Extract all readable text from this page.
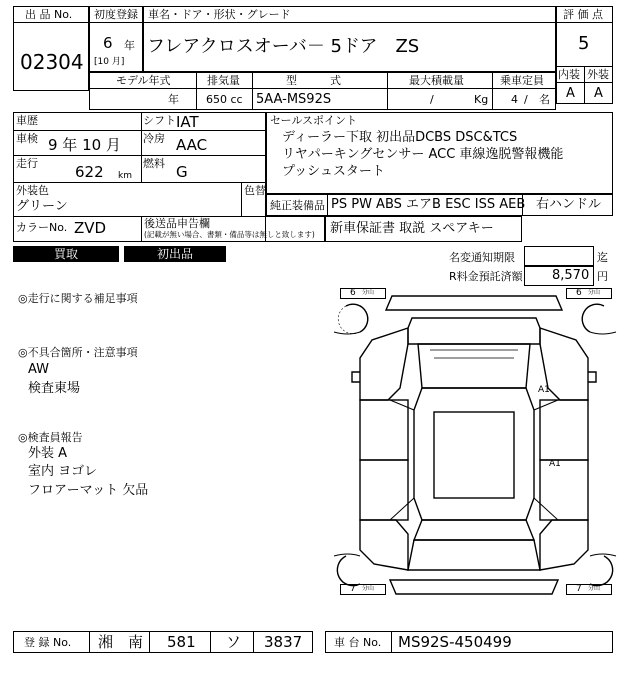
出 品 No.
02304
初度登録
6 年
[10 月]
車名・ドア・形状・グレード
フレアクロスオーバ－ 5ドア　ZS
評 価 点
5
内装 外装
A A
モデル年式
年
排気量
650 cc
型　　　式
5AA-MS92S
最大積載量
/	Kg
乗車定員
4 / 名
車歴	シフト IAT
車検 9 年 10 月 冷房 AAC
走行 622 km
燃料 G
外装色
グリーン
色替
カラーNo. ZVD	後送品申告欄
(記載が無い場合、書類・備品等は無しと致します)
セールスポイント
ディーラー下取 初出品DCBS DSC&TCS
リヤパーキングセンサー ACC 車線逸脱警報機能
プッシュスタート
純正装備品 PS PW ABS エアB ESC ISS AEB 右ハンドル
新車保証書 取説 スペアキー
買取	初出品	名変通知期限	迄
R料金預託済額 8,570 円
◎走行に関する補足事項
◎不具合箇所・注意事項
AW
検査東場
◎検査員報告
外装 A
室内 ヨゴレ
フロアーマット 欠品
6 分山	6 分山
7 分山	7 分山
A1
A1
登 録 No. 湘　南 581 ソ 3837	車 台 No. MS92S-450499
